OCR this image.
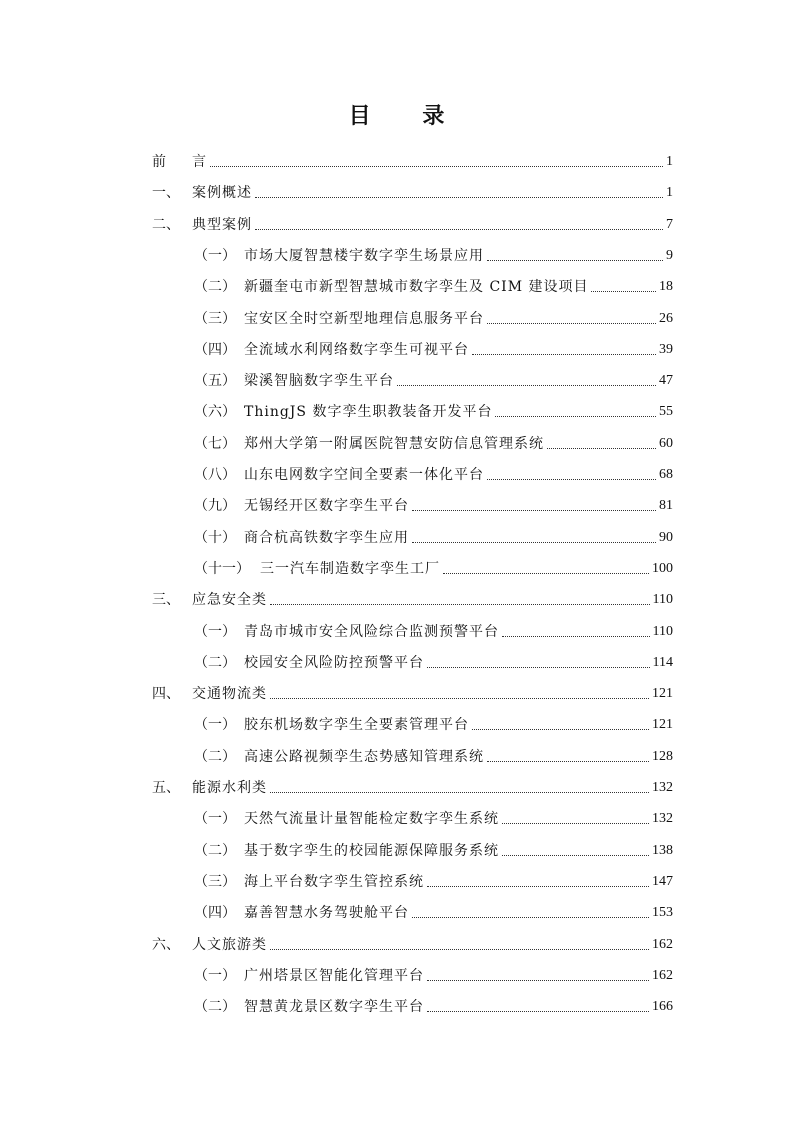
目 录
前	言	1
一、 案例概述	1
二、 典型案例	7
（一） 市场大厦智慧楼宇数字孪生场景应用	9
（二） 新疆奎屯市新型智慧城市数字孪生及 CIM 建设项目	18
（三） 宝安区全时空新型地理信息服务平台	26
（四） 全流域水利网络数字孪生可视平台	39
（五） 梁溪智脑数字孪生平台	47
（六） ThingJS 数字孪生职教装备开发平台	55
（七） 郑州大学第一附属医院智慧安防信息管理系统	60
（八） 山东电网数字空间全要素一体化平台	68
（九） 无锡经开区数字孪生平台	81
（十） 商合杭高铁数字孪生应用	90
（十一） 三一汽车制造数字孪生工厂	100
三、 应急安全类	110
（一） 青岛市城市安全风险综合监测预警平台	110
（二） 校园安全风险防控预警平台	114
四、 交通物流类	121
（一） 胶东机场数字孪生全要素管理平台	121
（二） 高速公路视频孪生态势感知管理系统	128
五、 能源水利类	132
（一） 天然气流量计量智能检定数字孪生系统	132
（二） 基于数字孪生的校园能源保障服务系统	138
（三） 海上平台数字孪生管控系统	147
（四） 嘉善智慧水务驾驶舱平台	153
六、 人文旅游类	162
（一） 广州塔景区智能化管理平台	162
（二） 智慧黄龙景区数字孪生平台	166
